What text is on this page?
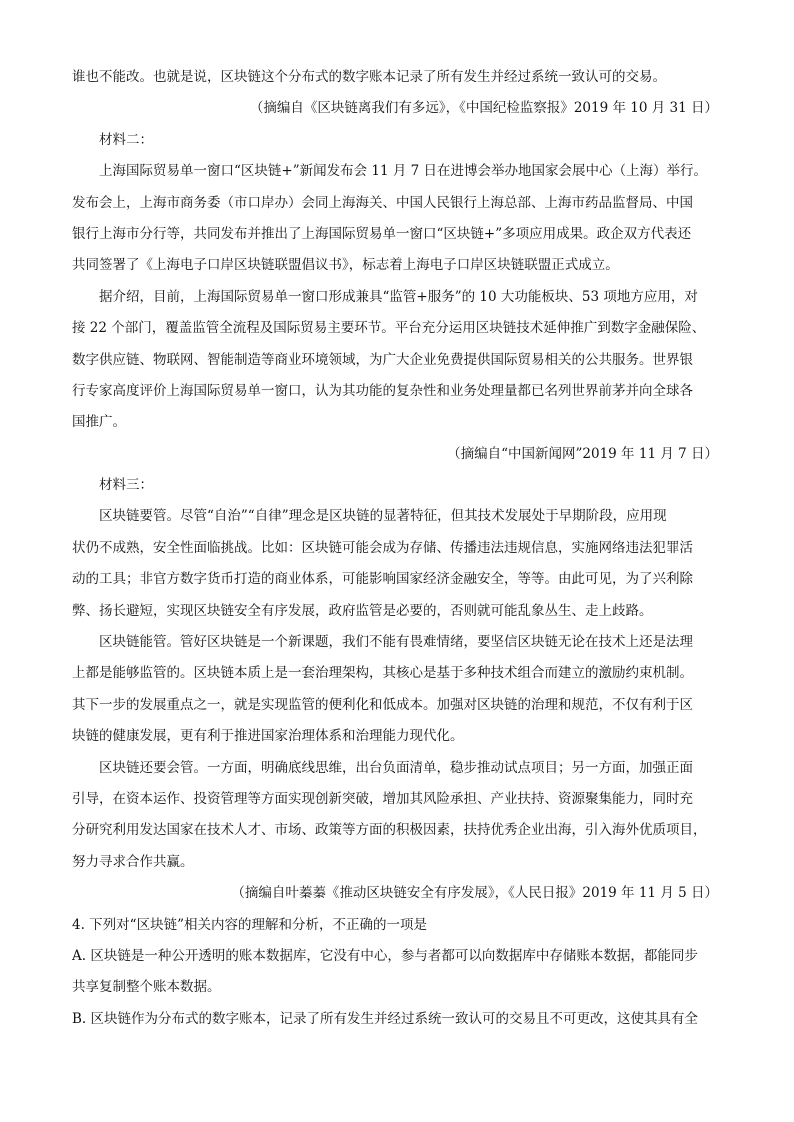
谁也不能改。也就是说，区块链这个分布式的数字账本记录了所有发生并经过系统一致认可的交易。
（摘编自《区块链离我们有多远》，《中国纪检监察报》2019 年 10 月 31 日）
材料二：
上海国际贸易单一窗口“区块链+”新闻发布会 11 月 7 日在进博会举办地国家会展中心（上海）举行。
发布会上，上海市商务委（市口岸办）会同上海海关、中国人民银行上海总部、上海市药品监督局、中国
银行上海市分行等，共同发布并推出了上海国际贸易单一窗口“区块链+”多项应用成果。政企双方代表还
共同签署了《上海电子口岸区块链联盟倡议书》，标志着上海电子口岸区块链联盟正式成立。
据介绍，目前，上海国际贸易单一窗口形成兼具“监管+服务”的 10 大功能板块、53 项地方应用，对
接 22 个部门，覆盖监管全流程及国际贸易主要环节。平台充分运用区块链技术延伸推广到数字金融保险、
数字供应链、物联网、智能制造等商业环境领域，为广大企业免费提供国际贸易相关的公共服务。世界银
行专家高度评价上海国际贸易单一窗口，认为其功能的复杂性和业务处理量都已名列世界前茅并向全球各
国推广。
（摘编自“中国新闻网”2019 年 11 月 7 日）
材料三：
区块链要管。尽管“自治”“自律”理念是区块链的显著特征，但其技术发展处于早期阶段，应用现
状仍不成熟，安全性面临挑战。比如：区块链可能会成为存储、传播违法违规信息，实施网络违法犯罪活
动的工具；非官方数字货币打造的商业体系，可能影响国家经济金融安全，等等。由此可见，为了兴利除
弊、扬长避短，实现区块链安全有序发展，政府监管是必要的，否则就可能乱象丛生、走上歧路。
区块链能管。管好区块链是一个新课题，我们不能有畏难情绪，要坚信区块链无论在技术上还是法理
上都是能够监管的。区块链本质上是一套治理架构，其核心是基于多种技术组合而建立的激励约束机制。
其下一步的发展重点之一，就是实现监管的便利化和低成本。加强对区块链的治理和规范，不仅有利于区
块链的健康发展，更有利于推进国家治理体系和治理能力现代化。
区块链还要会管。一方面，明确底线思维，出台负面清单，稳步推动试点项目；另一方面，加强正面
引导，在资本运作、投资管理等方面实现创新突破，增加其风险承担、产业扶持、资源聚集能力，同时充
分研究利用发达国家在技术人才、市场、政策等方面的积极因素，扶持优秀企业出海，引入海外优质项目，
努力寻求合作共赢。
（摘编自叶蓁蓁《推动区块链安全有序发展》，《人民日报》2019 年 11 月 5 日）
4. 下列对“区块链”相关内容的理解和分析，不正确的一项是
A. 区块链是一种公开透明的账本数据库，它没有中心，参与者都可以向数据库中存储账本数据，都能同步
共享复制整个账本数据。
B. 区块链作为分布式的数字账本，记录了所有发生并经过系统一致认可的交易且不可更改，这使其具有全
